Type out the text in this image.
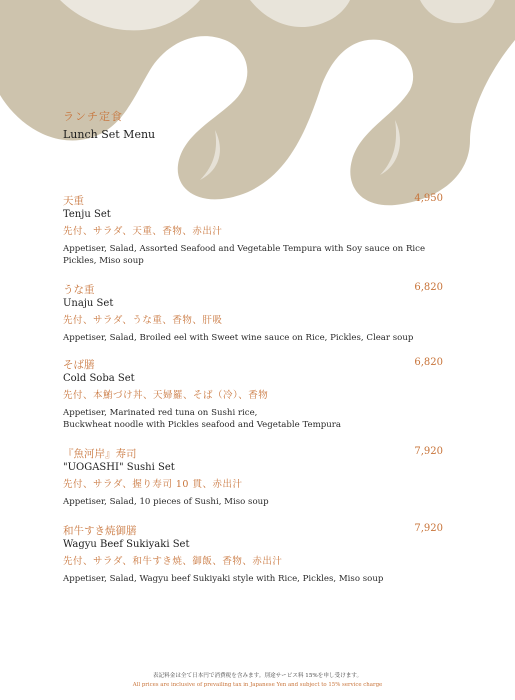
ランチ定食
Lunch Set Menu
天重	4,950
Tenju Set
先付、サラダ、天重、香物、赤出汁
Appetiser, Salad, Assorted Seafood and Vegetable Tempura with Soy sauce on Rice
Pickles, Miso soup
うな重	6,820
Unaju Set
先付、サラダ、うな重、香物、肝吸
Appetiser, Salad, Broiled eel with Sweet wine sauce on Rice, Pickles, Clear soup
そば膳	6,820
Cold Soba Set
先付、本鮪づけ丼、天婦羅、そば（冷）、香物
Appetiser, Marinated red tuna on Sushi rice,
Buckwheat noodle with Pickles seafood and Vegetable Tempura
『魚河岸』寿司	7,920
"UOGASHI" Sushi Set
先付、サラダ、握り寿司 10 貫、赤出汁
Appetiser, Salad, 10 pieces of Sushi, Miso soup
和牛すき焼御膳	7,920
Wagyu Beef Sukiyaki Set
先付、サラダ、和牛すき焼、御飯、香物、赤出汁
Appetiser, Salad, Wagyu beef Sukiyaki style with Rice, Pickles, Miso soup
表記料金は全て日本円で消費税を含みます。別途サービス料 15%を申し受けます。
All prices are inclusive of prevailing tax in Japanese Yen and subject to 15% service charge
